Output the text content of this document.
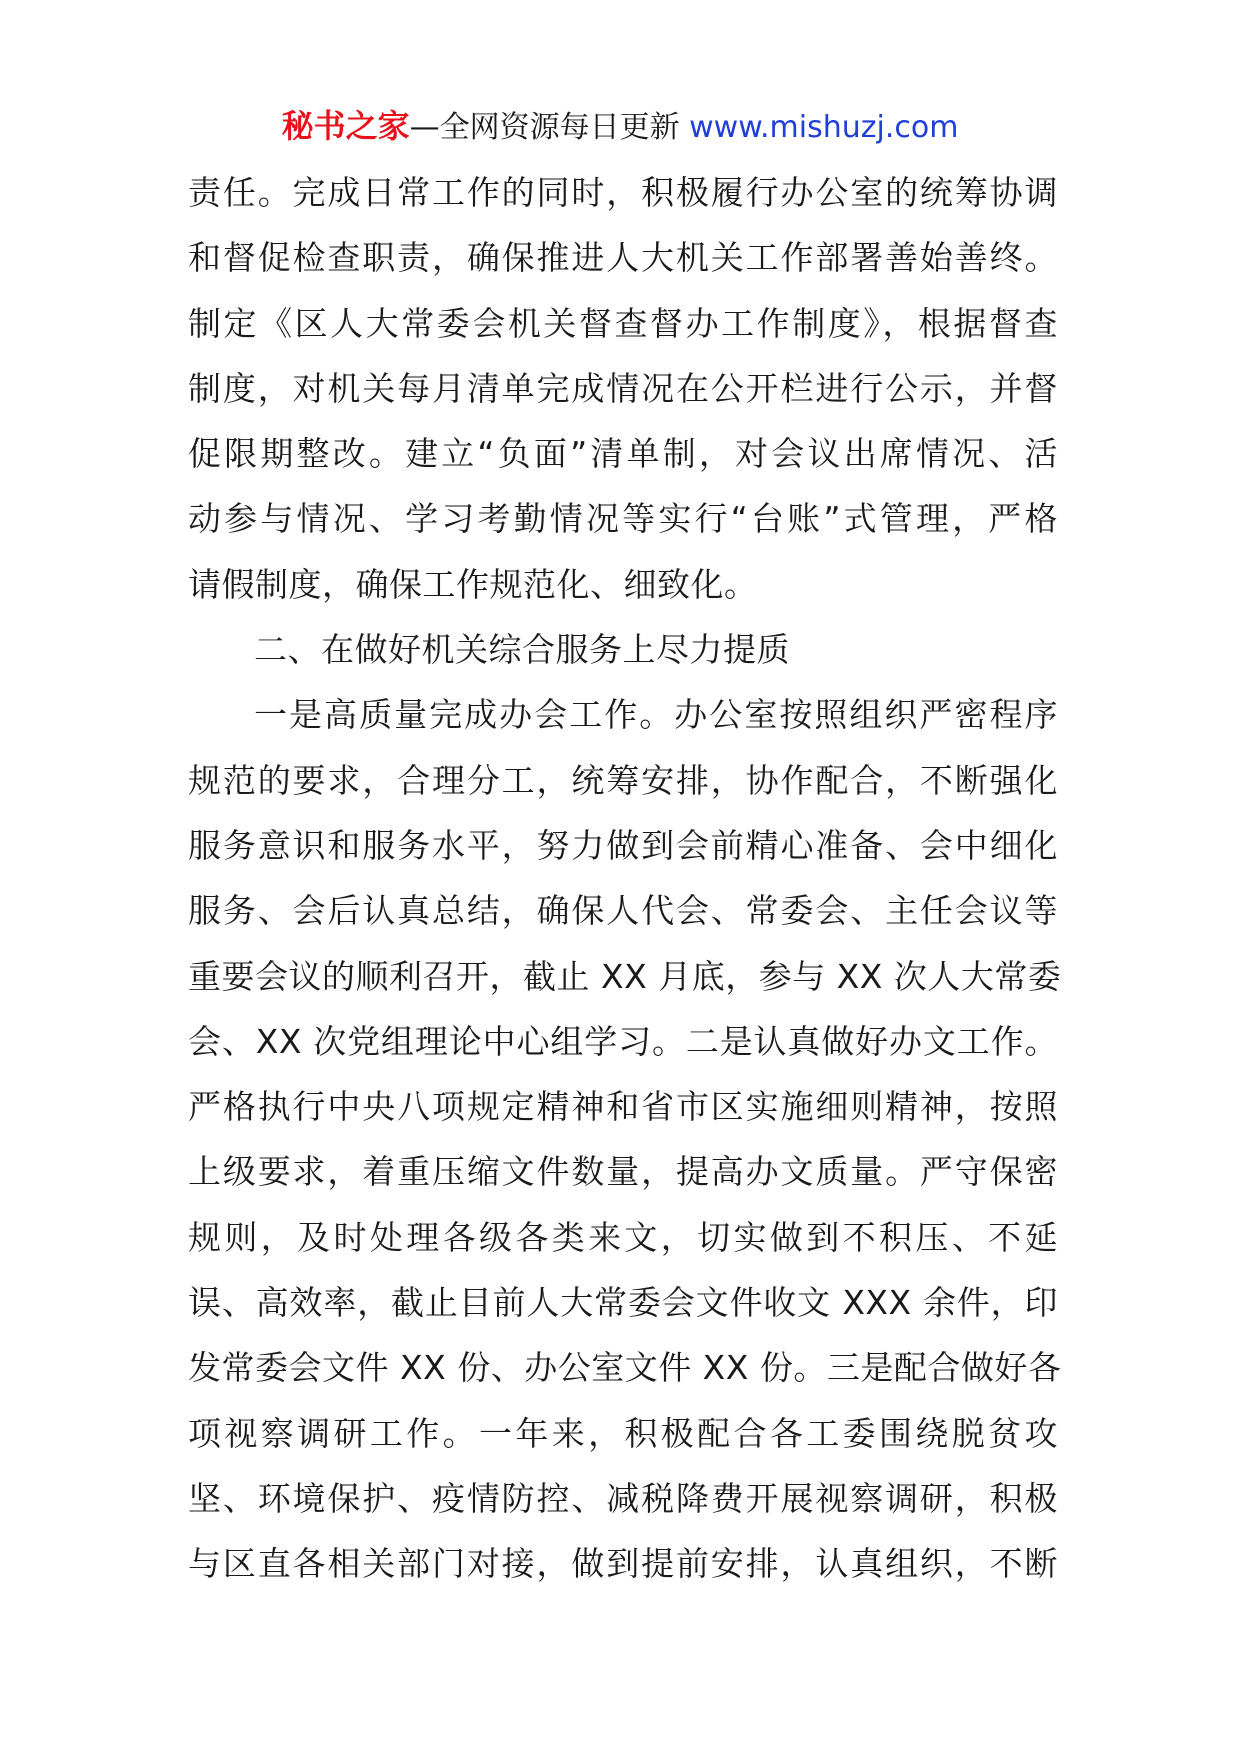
秘书之家—全网资源每日更新 www.mishuzj.com
责任。完成日常工作的同时，积极履行办公室的统筹协调
和督促检查职责，确保推进人大机关工作部署善始善终。
制定《区人大常委会机关督查督办工作制度》，根据督查
制度，对机关每月清单完成情况在公开栏进行公示，并督
促限期整改。建立“负面”清单制，对会议出席情况、活
动参与情况、学习考勤情况等实行“台账”式管理，严格
请假制度，确保工作规范化、细致化。
二、在做好机关综合服务上尽力提质
一是高质量完成办会工作。办公室按照组织严密程序
规范的要求，合理分工，统筹安排，协作配合，不断强化
服务意识和服务水平，努力做到会前精心准备、会中细化
服务、会后认真总结，确保人代会、常委会、主任会议等
重要会议的顺利召开，截止 XX 月底，参与 XX 次人大常委
会、XX 次党组理论中心组学习。二是认真做好办文工作。
严格执行中央八项规定精神和省市区实施细则精神，按照
上级要求，着重压缩文件数量，提高办文质量。严守保密
规则，及时处理各级各类来文，切实做到不积压、不延
误、高效率，截止目前人大常委会文件收文 XXX 余件，印
发常委会文件 XX 份、办公室文件 XX 份。三是配合做好各
项视察调研工作。一年来，积极配合各工委围绕脱贫攻
坚、环境保护、疫情防控、减税降费开展视察调研，积极
与区直各相关部门对接，做到提前安排，认真组织，不断
